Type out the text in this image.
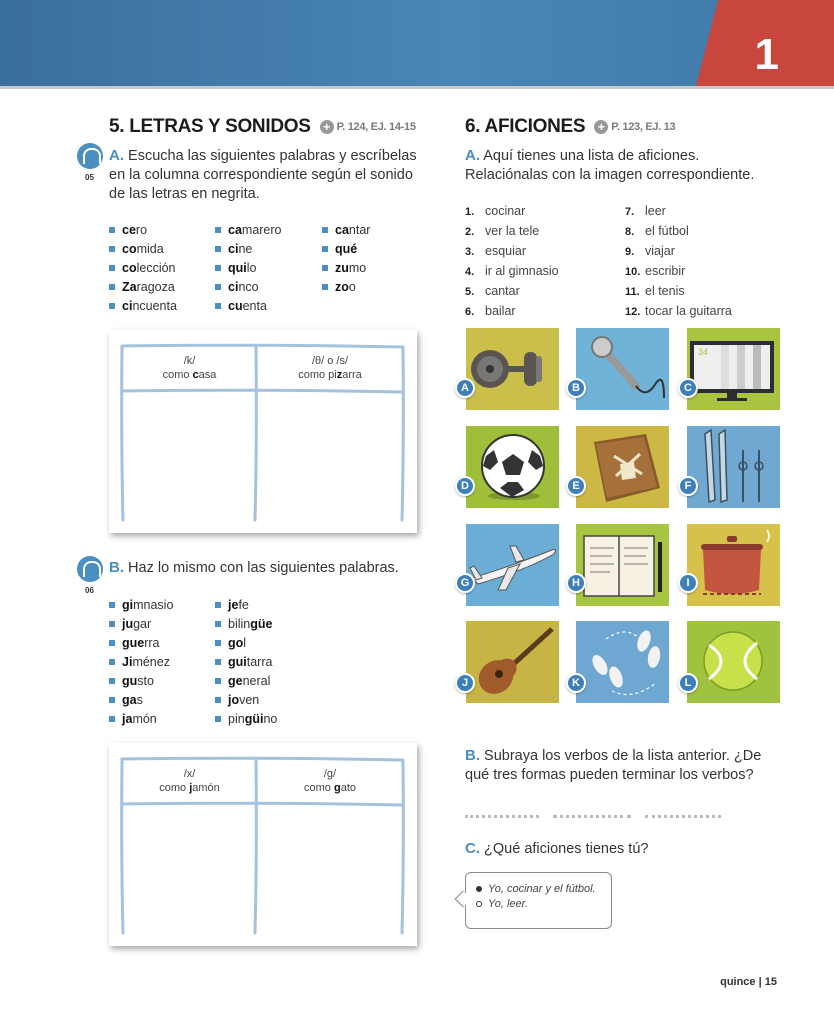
1
5. LETRAS Y SONIDOS	+ P. 124, EJ. 14-15
05
A. Escucha las siguientes palabras y escríbelas en la columna correspondiente según el sonido de las letras en negrita.
cero
comida
colección
Zaragoza
cincuenta
camarero
cine
quilo
cinco
cuenta
cantar
qué
zumo
zoo
/k/
como casa
/θ/ o /s/
como pizarra
06
B. Haz lo mismo con las siguientes palabras.
gimnasio
jugar
guerra
Jiménez
gusto
gas
jamón
jefe
bilingüe
gol
guitarra
general
joven
pingüino
/x/
como jamón
/g/
como gato
6. AFICIONES	+ P. 123, EJ. 13
A. Aquí tienes una lista de aficiones. Relaciónalas con la imagen correspondiente.
1. cocinar
2. ver la tele
3. esquiar
4. ir al gimnasio
5. cantar
6. bailar
7. leer
8. el fútbol
9. viajar
10. escribir
11. el tenis
12. tocar la guitarra
34
A	B	C
D	E	F
G	H	I
J	K	L
B. Subraya los verbos de la lista anterior. ¿De qué tres formas pueden terminar los verbos?
C. ¿Qué aficiones tienes tú?
Yo, cocinar y el fútbol.
Yo, leer.
quince | 15
